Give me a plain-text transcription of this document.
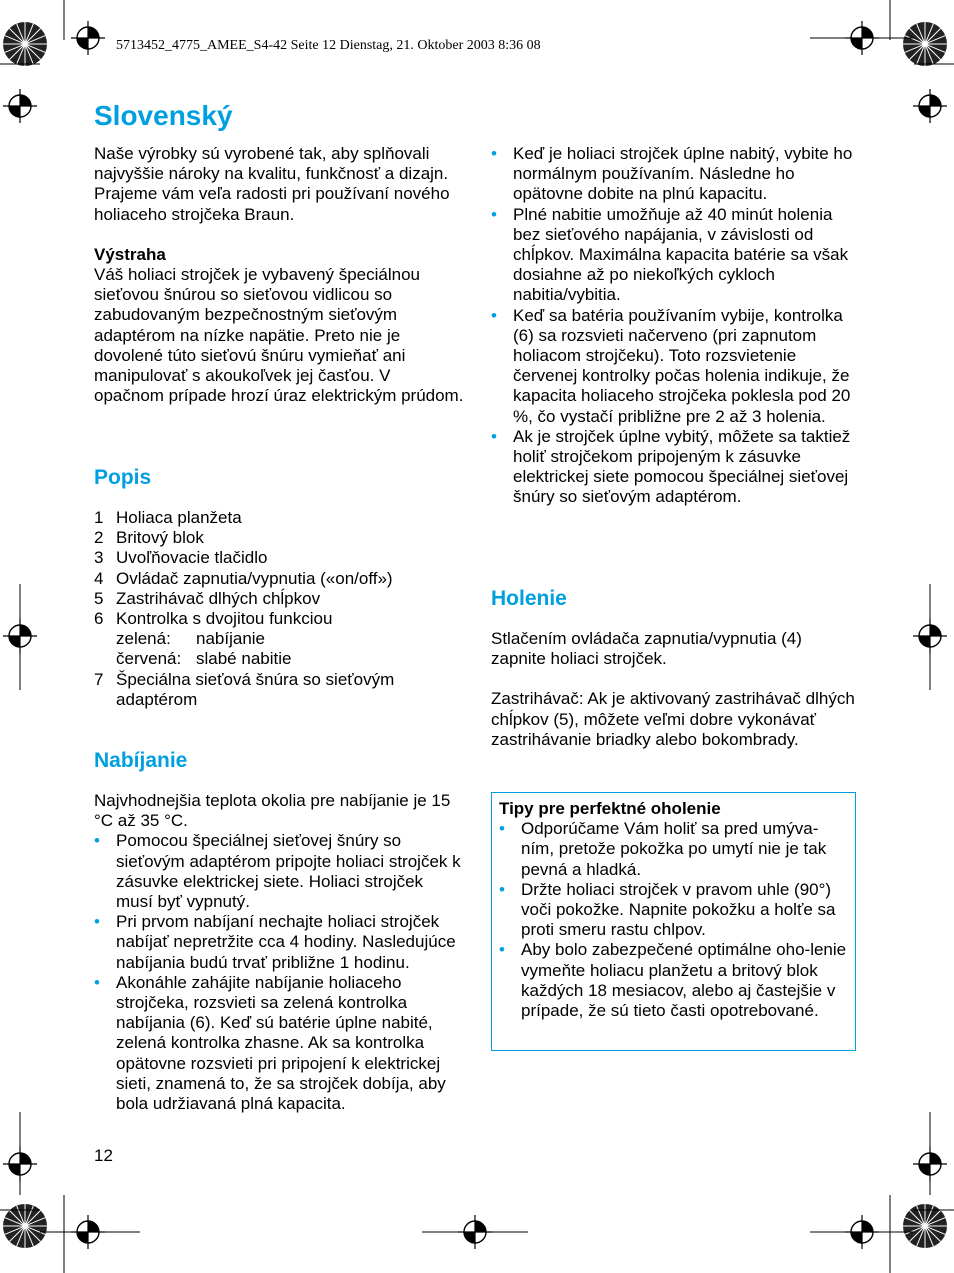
5713452_4775_AMEE_S4-42 Seite 12 Dienstag, 21. Oktober 2003 8:36 08
Slovenský

Naše výrobky sú vyrobené tak, aby splňovali najvyššie nároky na kvalitu, funkčnosť a dizajn. Prajeme vám veľa radosti pri používaní nového holiaceho strojčeka Braun.

Výstraha

Váš holiaci strojček je vybavený špeciálnou sieťovou šnúrou so sieťovou vidlicou so zabudovaným bezpečnostným sieťovým adaptérom na nízke napätie. Preto nie je dovolené túto sieťovú šnúru vymieňať ani manipulovať s akoukoľvek jej časťou. V opačnom prípade hrozí úraz elektrickým prúdom.

Popis
1 Holiaca planžeta
2 Britový blok
3 Uvoľňovacie tlačidlo
4 Ovládač zapnutia/vypnutia («on/off»)
5 Zastrihávač dlhých chĺpkov
6 Kontrolka s dvojitou funkciou
zelená:	nabíjanie
červená: slabé nabitie
7 Špeciálna sieťová šnúra so sieťovým adaptérom
Nabíjanie

Najvhodnejšia teplota okolia pre nabíjanie je 15 °C až 35 °C.

• Pomocou špeciálnej sieťovej šnúry so sieťovým adaptérom pripojte holiaci strojček k zásuvke elektrickej siete. Holiaci strojček musí byť vypnutý.
• Pri prvom nabíjaní nechajte holiaci strojček nabíjať nepretržite cca 4 hodiny. Nasledujúce nabíjania budú trvať približne 1 hodinu.
• Akonáhle zahájite nabíjanie holiaceho strojčeka, rozsvieti sa zelená kontrolka nabíjania (6). Keď sú batérie úplne nabité, zelená kontrolka zhasne. Ak sa kontrolka opätovne rozsvieti pri pripojení k elektrickej sieti, znamená to, že sa strojček dobíja, aby bola udržiavaná plná kapacita.
12
• Keď je holiaci strojček úplne nabitý, vybite ho normálnym používaním. Následne ho opätovne dobite na plnú kapacitu.
• Plné nabitie umožňuje až 40 minút holenia bez sieťového napájania, v závislosti od chĺpkov. Maximálna kapacita batérie sa však dosiahne až po niekoľkých cykloch nabitia/vybitia.
• Keď sa batéria používaním vybije, kontrolka (6) sa rozsvieti načerveno (pri zapnutom holiacom strojčeku). Toto rozsvietenie červenej kontrolky počas holenia indikuje, že kapacita holiaceho strojčeka poklesla pod 20 %, čo vystačí približne pre 2 až 3 holenia.
• Ak je strojček úplne vybitý, môžete sa taktiež holiť strojčekom pripojeným k zásuvke elektrickej siete pomocou špeciálnej sieťovej šnúry so sieťovým adaptérom.
Holenie

Stlačením ovládača zapnutia/vypnutia (4) zapnite holiaci strojček.

Zastrihávač: Ak je aktivovaný zastrihávač dlhých chĺpkov (5), môžete veľmi dobre vykonávať zastrihávanie briadky alebo bokombrady.

Tipy pre perfektné oholenie

• Odporúčame Vám holiť sa pred umýva-ním, pretože pokožka po umytí nie je tak pevná a hladká.
• Držte holiaci strojček v pravom uhle (90°) voči pokožke. Napnite pokožku a holťe sa proti smeru rastu chlpov.
• Aby bolo zabezpečené optimálne oho-lenie vymeňte holiacu planžetu a britový blok každých 18 mesiacov, alebo aj častejšie v prípade, že sú tieto časti opotrebované.
